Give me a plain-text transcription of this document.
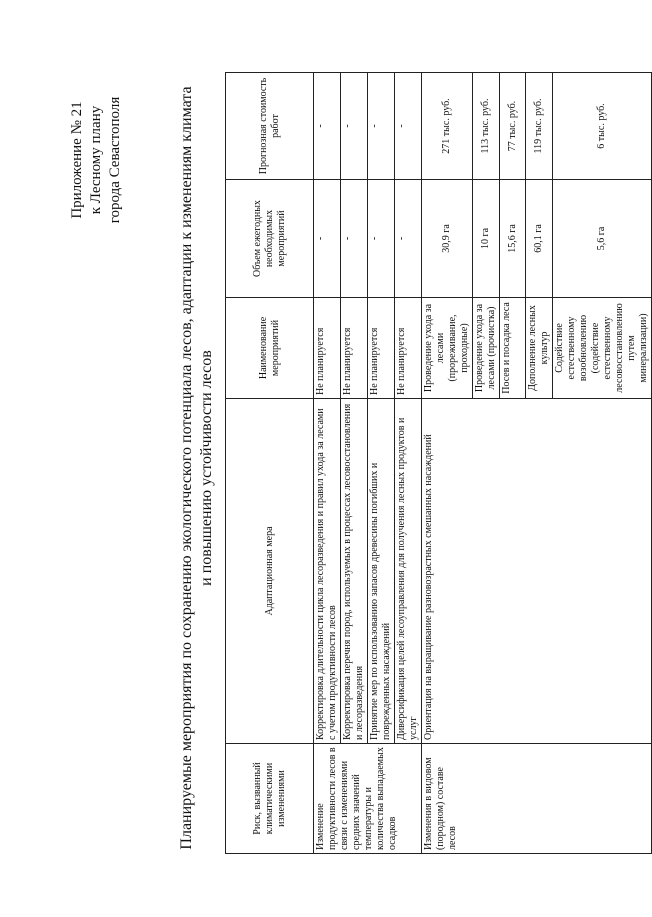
Приложение № 21 к Лесному плану города Севастополя	Планируемые мероприятия по сохранению экологического потенциала лесов, адаптации к изменениям климата и повышению устойчивости лесов
Риск, вызванный климатическими изменениями	Адаптационная мера	Наименование мероприятий	Объем ежегодных необходимых мероприятий	Прогнозная стоимость работ
Изменение продуктивности лесов в связи с изменениями средних значений температуры и количества выпадаемых осадков	Корректировка длительности цикла лесоразведения и правил ухода за лесами с учетом продуктивности лесов	Не планируется	-	-
	Корректировка перечня пород, используемых в процессах лесовосстановления и лесоразведения	Не планируется	-	-
	Принятие мер по использованию запасов древесины погибших и поврежденных насаждений	Не планируется	-	-
	Диверсификация целей лесоуправления для получения лесных продуктов и услуг	Не планируется	-	-
Изменения в видовом (породном) составе лесов	Ориентация на выращивание разновозрастных смешанных насаждений	Проведение ухода за лесами (прореживание, проходные)	30,9 га	271 тыс. руб.
		Проведение ухода за лесами (прочистка)	10 га	113 тыс. руб.
		Посев и посадка леса	15,6 га	77 тыс. руб.
		Дополнение лесных культур	60,1 га	119 тыс. руб.
		Содействие естественному возобновлению (содействие естественному лесовосстановлению путем минерализации)	5,6 га	6 тыс. руб.
